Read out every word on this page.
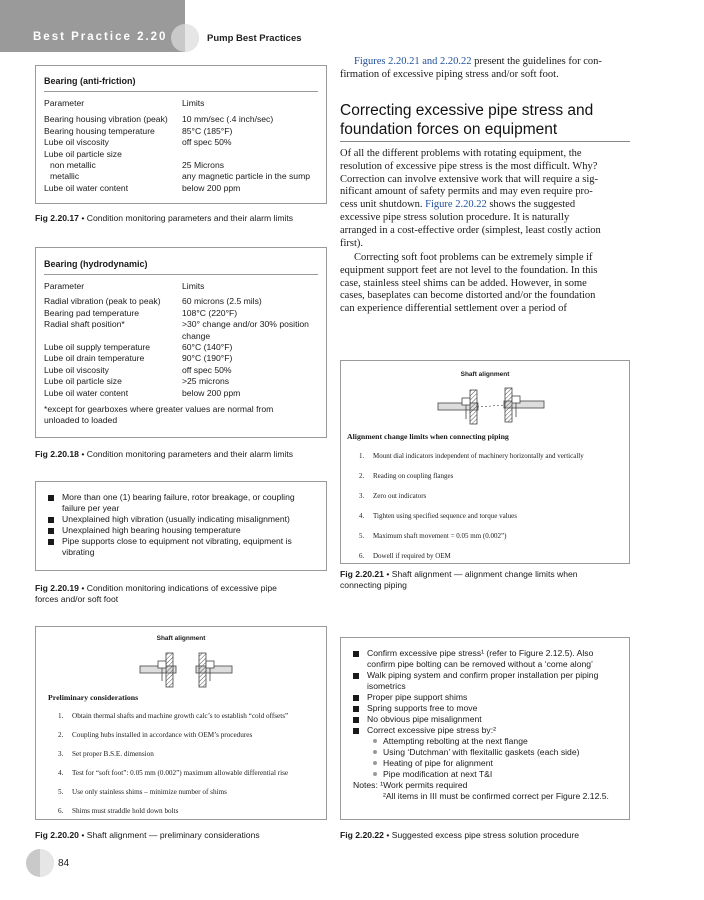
Best Practice 2.20	Pump Best Practices
Bearing (anti-friction)
Parameter	Limits
Bearing housing vibration (peak)	10 mm/sec (.4 inch/sec)
Bearing housing temperature	85°C (185°F)
Lube oil viscosity	off spec 50%
Lube oil particle size
non metallic	25 Microns
metallic	any magnetic particle in the sump
Lube oil water content	below 200 ppm
Fig 2.20.17 • Condition monitoring parameters and their alarm limits
Bearing (hydrodynamic)
Parameter	Limits
Radial vibration (peak to peak)	60 microns (2.5 mils)
Bearing pad temperature	108°C (220°F)
Radial shaft position*	>30° change and/or 30% position
change
Lube oil supply temperature	60°C (140°F)
Lube oil drain temperature	90°C (190°F)
Lube oil viscosity	off spec 50%
Lube oil particle size	>25 microns
Lube oil water content	below 200 ppm
*except for gearboxes where greater values are normal from
unloaded to loaded
Fig 2.20.18 • Condition monitoring parameters and their alarm limits
More than one (1) bearing failure, rotor breakage, or coupling
failure per year
Unexplained high vibration (usually indicating misalignment)
Unexplained high bearing housing temperature
Pipe supports close to equipment not vibrating, equipment is
vibrating
Fig 2.20.19 • Condition monitoring indications of excessive pipe
forces and/or soft foot
Shaft alignment
Preliminary considerations
1.	Obtain thermal shafts and machine growth calc’s to establish “cold offsets”
2.	Coupling hubs installed in accordance with OEM’s procedures
3.	Set proper B.S.E. dimension
4.	Test for “soft foot”: 0.05 mm (0.002”) maximum allowable differential rise
5.	Use only stainless shims – minimize number of shims
6.	Shims must straddle hold down bolts
Fig 2.20.20 • Shaft alignment — preliminary considerations
Figures 2.20.21 and 2.20.22 present the guidelines for con-
firmation of excessive piping stress and/or soft foot.
Correcting excessive pipe stress and
foundation forces on equipment
Of all the different problems with rotating equipment, the
resolution of excessive pipe stress is the most difficult. Why?
Correction can involve extensive work that will require a sig-
nificant amount of safety permits and may even require pro-
cess unit shutdown. Figure 2.20.22 shows the suggested
excessive pipe stress solution procedure. It is naturally
arranged in a cost-effective order (simplest, least costly action
first).
Correcting soft foot problems can be extremely simple if
equipment support feet are not level to the foundation. In this
case, stainless steel shims can be added. However, in some
cases, baseplates can become distorted and/or the foundation
can experience differential settlement over a period of
Shaft alignment
Alignment change limits when connecting piping
1.	Mount dial indicators independent of machinery horizontally and vertically
2.	Reading on coupling flanges
3.	Zero out indicators
4.	Tighten using specified sequence and torque values
5.	Maximum shaft movement = 0.05 mm (0.002”)
6.	Dowell if required by OEM
Fig 2.20.21 • Shaft alignment — alignment change limits when
connecting piping
Confirm excessive pipe stress¹ (refer to Figure 2.12.5). Also
confirm pipe bolting can be removed without a ‘come along’
Walk piping system and confirm proper installation per piping
isometrics
Proper pipe support shims
Spring supports free to move
No obvious pipe misalignment
Correct excessive pipe stress by:²
Attempting rebolting at the next flange
Using ‘Dutchman’ with flexitallic gaskets (each side)
Heating of pipe for alignment
Pipe modification at next T&I
Notes: ¹Work permits required
²All items in III must be confirmed correct per Figure 2.12.5.
Fig 2.20.22 • Suggested excess pipe stress solution procedure
84
